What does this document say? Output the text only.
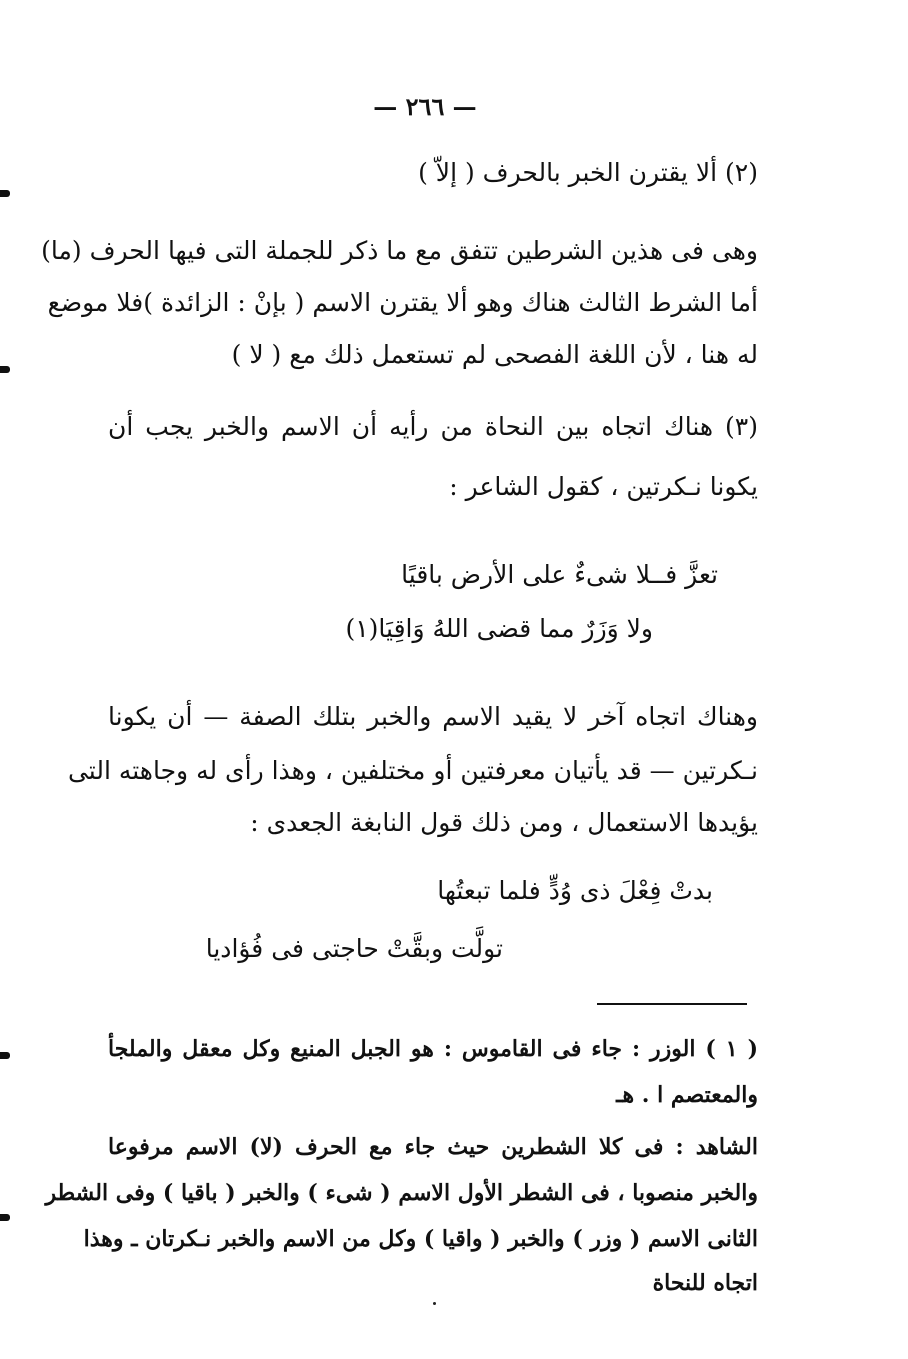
— ٢٦٦ —
(٢) ألا يقترن الخبر بالحرف ( إلاّ )
وهى فى هذين الشرطين تتفق مع ما ذكر للجملة التى فيها الحرف (ما)
أما الشرط الثالث هناك وهو ألا يقترن الاسم ( بإنْ : الزائدة )فلا موضع
له هنا ، لأن اللغة الفصحى لم تستعمل ذلك مع ( لا )
(٣) هناك اتجاه بين النحاة من رأيه أن الاسم والخبر يجب أن
يكونا نـكرتين ، كقول الشاعر :
تعزَّ فــلا شىءٌ على الأرض باقيًا
ولا وَزَرٌ مما قضى اللهُ وَاقِيَا(١)
وهناك اتجاه آخر لا يقيد الاسم والخبر بتلك الصفة — أن يكونا
نـكرتين — قد يأتيان معرفتين أو مختلفين ، وهذا رأى له وجاهته التى
يؤيدها الاستعمال ، ومن ذلك قول النابغة الجعدى :
بدتْ فِعْلَ ذى وُدٍّ فلما تبعتُها
تولَّت وبقَّتْ حاجتى فى فُؤاديا
( ١ ) الوزر : جاء فى القاموس : هو الجبل المنيع وكل معقل والملجأ
والمعتصم ا . هـ
الشاهد : فى كلا الشطرين حيث جاء مع الحرف (لا) الاسم مرفوعا
والخبر منصوبا ، فى الشطر الأول الاسم ( شىء ) والخبر ( باقيا ) وفى الشطر
الثانى الاسم ( وزر ) والخبر ( واقيا ) وكل من الاسم والخبر نـكرتان ـ وهذا
اتجاه للنحاة
